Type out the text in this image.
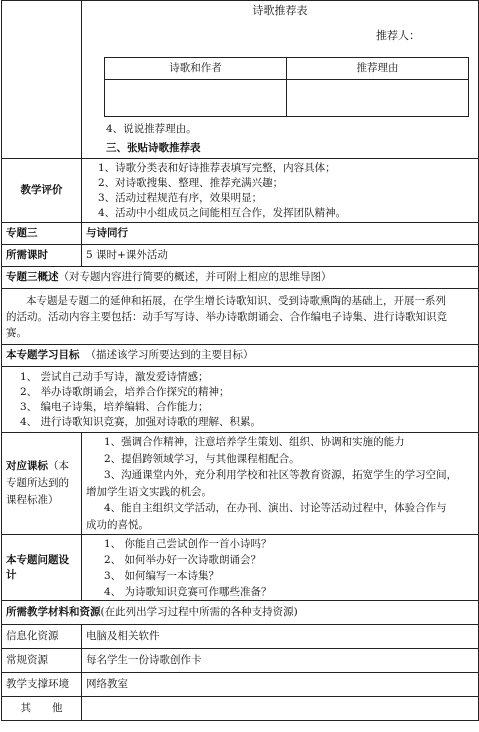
诗歌推荐表
推荐人：
诗歌和作者	推荐理由

4、说说推荐理由。
三、张贴诗歌推荐表

教学评价	

1、诗歌分类表和好诗推荐表填写完整，内容具体；

2、对诗歌搜集、整理、推荐充满兴趣；

3、活动过程规范有序，效果明显；

4、活动中小组成员之间能相互合作，发挥团队精神。

专题三	与诗同行
所需课时	5 课时+课外活动
专题三概述（对专题内容进行简要的概述，并可附上相应的思维导图）

本专题是专题二的延伸和拓展，在学生增长诗歌知识、受到诗歌熏陶的基础上，开展一系列

的活动。活动内容主要包括：动手写写诗、举办诗歌朗诵会、合作编电子诗集、进行诗歌知识竞

赛。

本专题学习目标 （描述该学习所要达到的主要目标）

1、 尝试自己动手写诗，激发爱诗情感；

2、 举办诗歌朗诵会，培养合作探究的精神；

3、 编电子诗集，培养编辑、合作能力；

4、 进行诗歌知识竞赛，加强对诗歌的理解、积累。

对应课标（本专题所达到的课程标准）	

1、强调合作精神，注意培养学生策划、组织、协调和实施的能力

2、提倡跨领域学习，与其他课程相配合。

3、沟通课堂内外，充分利用学校和社区等教育资源，拓宽学生的学习空间，

增加学生语文实践的机会。

4、能自主组织文学活动，在办刊、演出、讨论等活动过程中，体验合作与

成功的喜悦。

本专题问题设计	

1、 你能自己尝试创作一首小诗吗？

2、 如何举办好一次诗歌朗诵会？

3、 如何编写一本诗集？

4、 为诗歌知识竞赛可作哪些准备？

所需教学材料和资源(在此列出学习过程中所需的各种支持资源)
信息化资源	电脑及相关软件
常规资源	每名学生一份诗歌创作卡
教学支撑环境	网络教室
其　　他	
